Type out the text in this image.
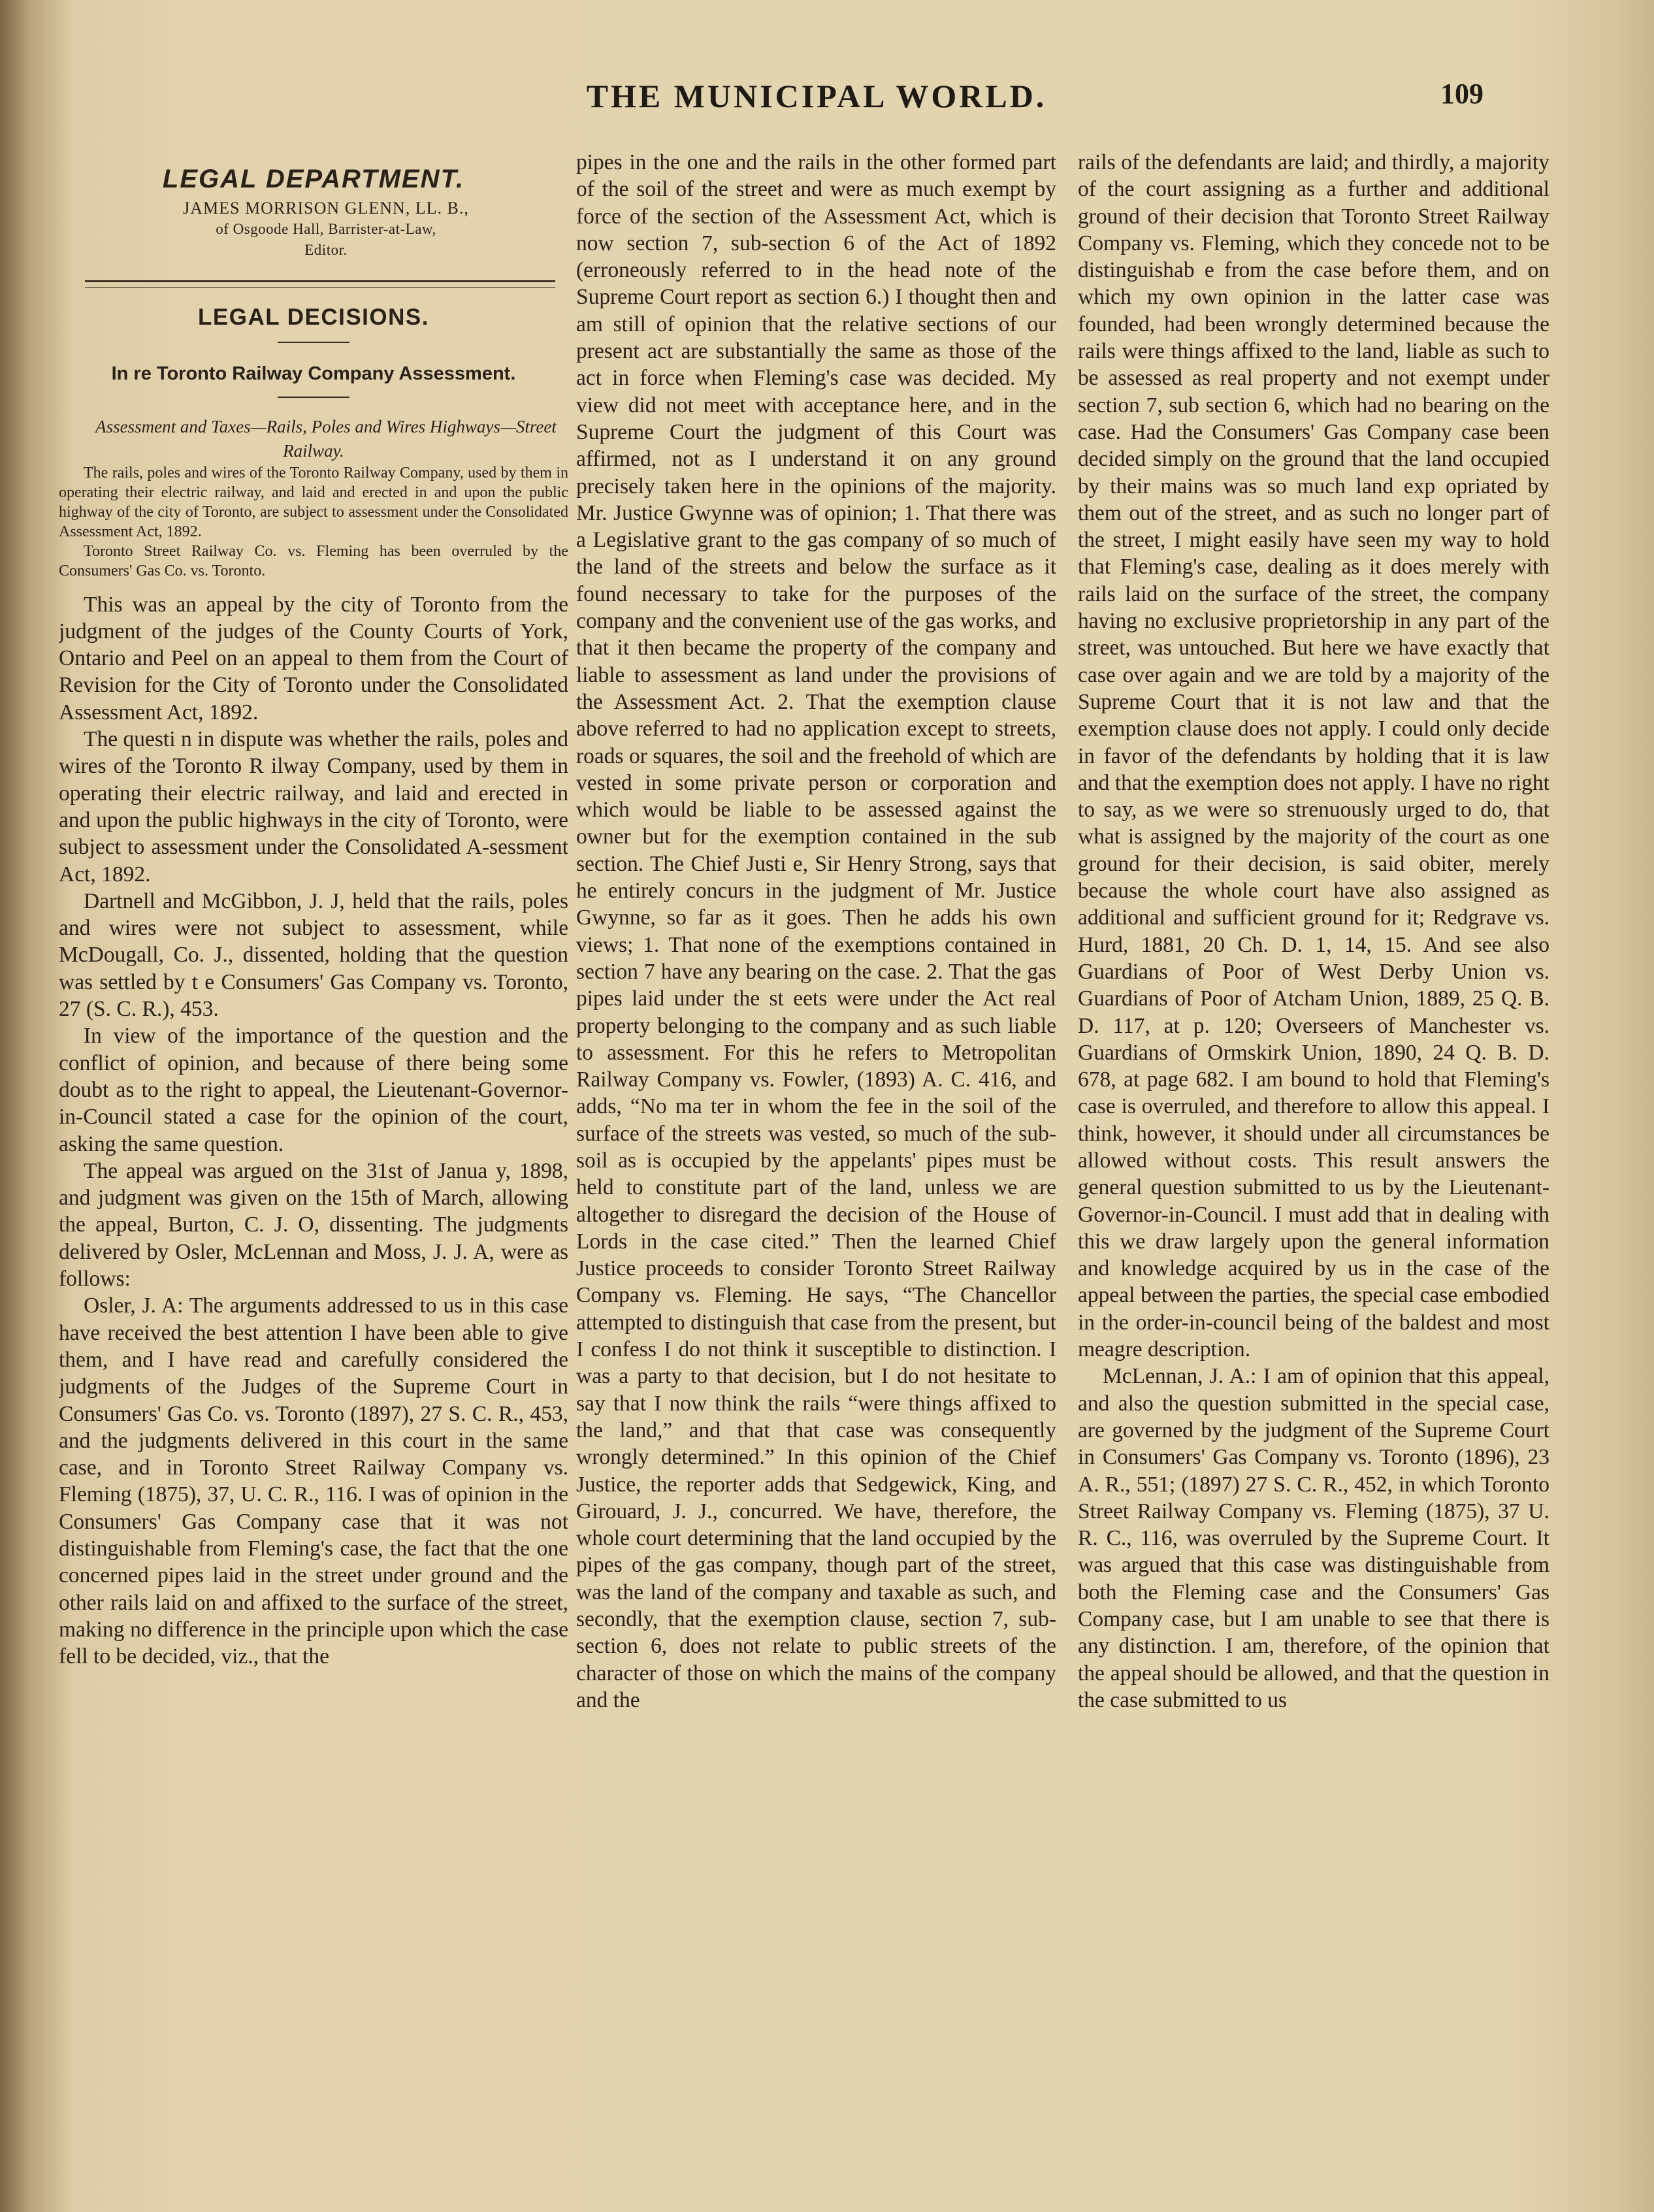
THE MUNICIPAL WORLD.	109
LEGAL DEPARTMENT.

JAMES MORRISON GLENN, LL. B.,

of Osgoode Hall, Barrister-at-Law,

Editor.

LEGAL DECISIONS.
In re Toronto Railway Company Assessment.

Assessment and Taxes—Rails, Poles and Wires Highways—Street Railway.

The rails, poles and wires of the Toronto Railway Company, used by them in operating their electric railway, and laid and erected in and upon the public highway of the city of Toronto, are subject to assessment under the Consolidated Assessment Act, 1892.

Toronto Street Railway Co. vs. Fleming has been overruled by the Consumers' Gas Co. vs. Toronto.

This was an appeal by the city of Toronto from the judgment of the judges of the County Courts of York, Ontario and Peel on an appeal to them from the Court of Revision for the City of Toronto under the Consolidated Assessment Act, 1892.

The questi n in dispute was whether the rails, poles and wires of the Toronto R ilway Company, used by them in operating their electric railway, and laid and erected in and upon the public highways in the city of Toronto, were subject to assessment under the Consolidated A-sessment Act, 1892.

Dartnell and McGibbon, J. J, held that the rails, poles and wires were not subject to assessment, while McDougall, Co. J., dissented, holding that the question was settled by t e Consumers' Gas Company vs. Toronto, 27 (S. C. R.), 453.

In view of the importance of the question and the conflict of opinion, and because of there being some doubt as to the right to appeal, the Lieutenant-Governor-in-Council stated a case for the opinion of the court, asking the same question.

The appeal was argued on the 31st of Janua y, 1898, and judgment was given on the 15th of March, allowing the appeal, Burton, C. J. O, dissenting. The judgments delivered by Osler, McLennan and Moss, J. J. A, were as follows:

Osler, J. A: The arguments addressed to us in this case have received the best attention I have been able to give them, and I have read and carefully considered the judgments of the Judges of the Supreme Court in Consumers' Gas Co. vs. Toronto (1897), 27 S. C. R., 453, and the judgments delivered in this court in the same case, and in Toronto Street Railway Company vs. Fleming (1875), 37, U. C. R., 116. I was of opinion in the Consumers' Gas Company case that it was not distinguishable from Fleming's case, the fact that the one concerned pipes laid in the street under ground and the other rails laid on and affixed to the surface of the street, making no difference in the principle upon which the case fell to be decided, viz., that the

pipes in the one and the rails in the other formed part of the soil of the street and were as much exempt by force of the section of the Assessment Act, which is now section 7, sub-section 6 of the Act of 1892 (erroneously referred to in the head note of the Supreme Court report as section 6.) I thought then and am still of opinion that the relative sections of our present act are substantially the same as those of the act in force when Fleming's case was decided. My view did not meet with acceptance here, and in the Supreme Court the judgment of this Court was affirmed, not as I understand it on any ground precisely taken here in the opinions of the majority. Mr. Justice Gwynne was of opinion; 1. That there was a Legislative grant to the gas company of so much of the land of the streets and below the surface as it found necessary to take for the purposes of the company and the convenient use of the gas works, and that it then became the property of the company and liable to assessment as land under the provisions of the Assessment Act. 2. That the exemption clause above referred to had no application except to streets, roads or squares, the soil and the freehold of which are vested in some private person or corporation and which would be liable to be assessed against the owner but for the exemption contained in the sub section. The Chief Justi e, Sir Henry Strong, says that he entirely concurs in the judgment of Mr. Justice Gwynne, so far as it goes. Then he adds his own views; 1. That none of the exemptions contained in section 7 have any bearing on the case. 2. That the gas pipes laid under the st eets were under the Act real property belonging to the company and as such liable to assessment. For this he refers to Metropolitan Railway Company vs. Fowler, (1893) A. C. 416, and adds, “No ma ter in whom the fee in the soil of the surface of the streets was vested, so much of the sub-soil as is occupied by the appelants' pipes must be held to constitute part of the land, unless we are altogether to disregard the decision of the House of Lords in the case cited.” Then the learned Chief Justice proceeds to consider Toronto Street Railway Company vs. Fleming. He says, “The Chancellor attempted to distinguish that case from the present, but I confess I do not think it susceptible to distinction. I was a party to that decision, but I do not hesitate to say that I now think the rails “were things affixed to the land,” and that that case was consequently wrongly determined.” In this opinion of the Chief Justice, the reporter adds that Sedgewick, King, and Girouard, J. J., concurred. We have, therefore, the whole court determining that the land occupied by the pipes of the gas company, though part of the street, was the land of the company and taxable as such, and secondly, that the exemption clause, section 7, sub-section 6, does not relate to public streets of the character of those on which the mains of the company and the

rails of the defendants are laid; and thirdly, a majority of the court assigning as a further and additional ground of their decision that Toronto Street Railway Company vs. Fleming, which they concede not to be distinguishab e from the case before them, and on which my own opinion in the latter case was founded, had been wrongly determined because the rails were things affixed to the land, liable as such to be assessed as real property and not exempt under section 7, sub section 6, which had no bearing on the case. Had the Consumers' Gas Company case been decided simply on the ground that the land occupied by their mains was so much land exp opriated by them out of the street, and as such no longer part of the street, I might easily have seen my way to hold that Fleming's case, dealing as it does merely with rails laid on the surface of the street, the company having no exclusive proprietorship in any part of the street, was untouched. But here we have exactly that case over again and we are told by a majority of the Supreme Court that it is not law and that the exemption clause does not apply. I could only decide in favor of the defendants by holding that it is law and that the exemption does not apply. I have no right to say, as we were so strenuously urged to do, that what is assigned by the majority of the court as one ground for their decision, is said obiter, merely because the whole court have also assigned as additional and sufficient ground for it; Redgrave vs. Hurd, 1881, 20 Ch. D. 1, 14, 15. And see also Guardians of Poor of West Derby Union vs. Guardians of Poor of Atcham Union, 1889, 25 Q. B. D. 117, at p. 120; Overseers of Manchester vs. Guardians of Ormskirk Union, 1890, 24 Q. B. D. 678, at page 682. I am bound to hold that Fleming's case is overruled, and therefore to allow this appeal. I think, however, it should under all circumstances be allowed without costs. This result answers the general question submitted to us by the Lieutenant-Governor-in-Council. I must add that in dealing with this we draw largely upon the general information and knowledge acquired by us in the case of the appeal between the parties, the special case embodied in the order-in-council being of the baldest and most meagre description.

McLennan, J. A.: I am of opinion that this appeal, and also the question submitted in the special case, are governed by the judgment of the Supreme Court in Consumers' Gas Company vs. Toronto (1896), 23 A. R., 551; (1897) 27 S. C. R., 452, in which Toronto Street Railway Company vs. Fleming (1875), 37 U. R. C., 116, was overruled by the Supreme Court. It was argued that this case was distinguishable from both the Fleming case and the Consumers' Gas Company case, but I am unable to see that there is any distinction. I am, therefore, of the opinion that the appeal should be allowed, and that the question in the case submitted to us
